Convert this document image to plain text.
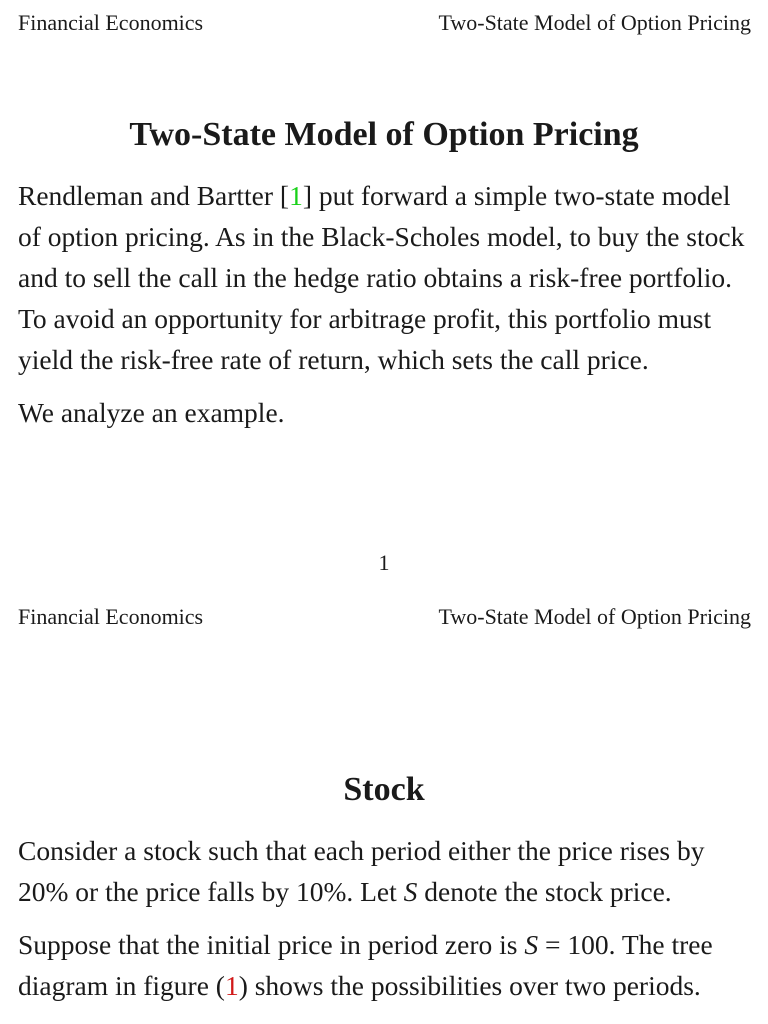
Financial Economics	Two-State Model of Option Pricing
Two-State Model of Option Pricing

Rendleman and Bartter [1] put forward a simple two-state model of option pricing. As in the Black-Scholes model, to buy the stock and to sell the call in the hedge ratio obtains a risk-free portfolio. To avoid an opportunity for arbitrage profit, this portfolio must yield the risk-free rate of return, which sets the call price.

We analyze an example.

1
Financial Economics	Two-State Model of Option Pricing
Stock

Consider a stock such that each period either the price rises by 20% or the price falls by 10%. Let S denote the stock price.

Suppose that the initial price in period zero is S = 100. The tree diagram in figure (1) shows the possibilities over two periods.
